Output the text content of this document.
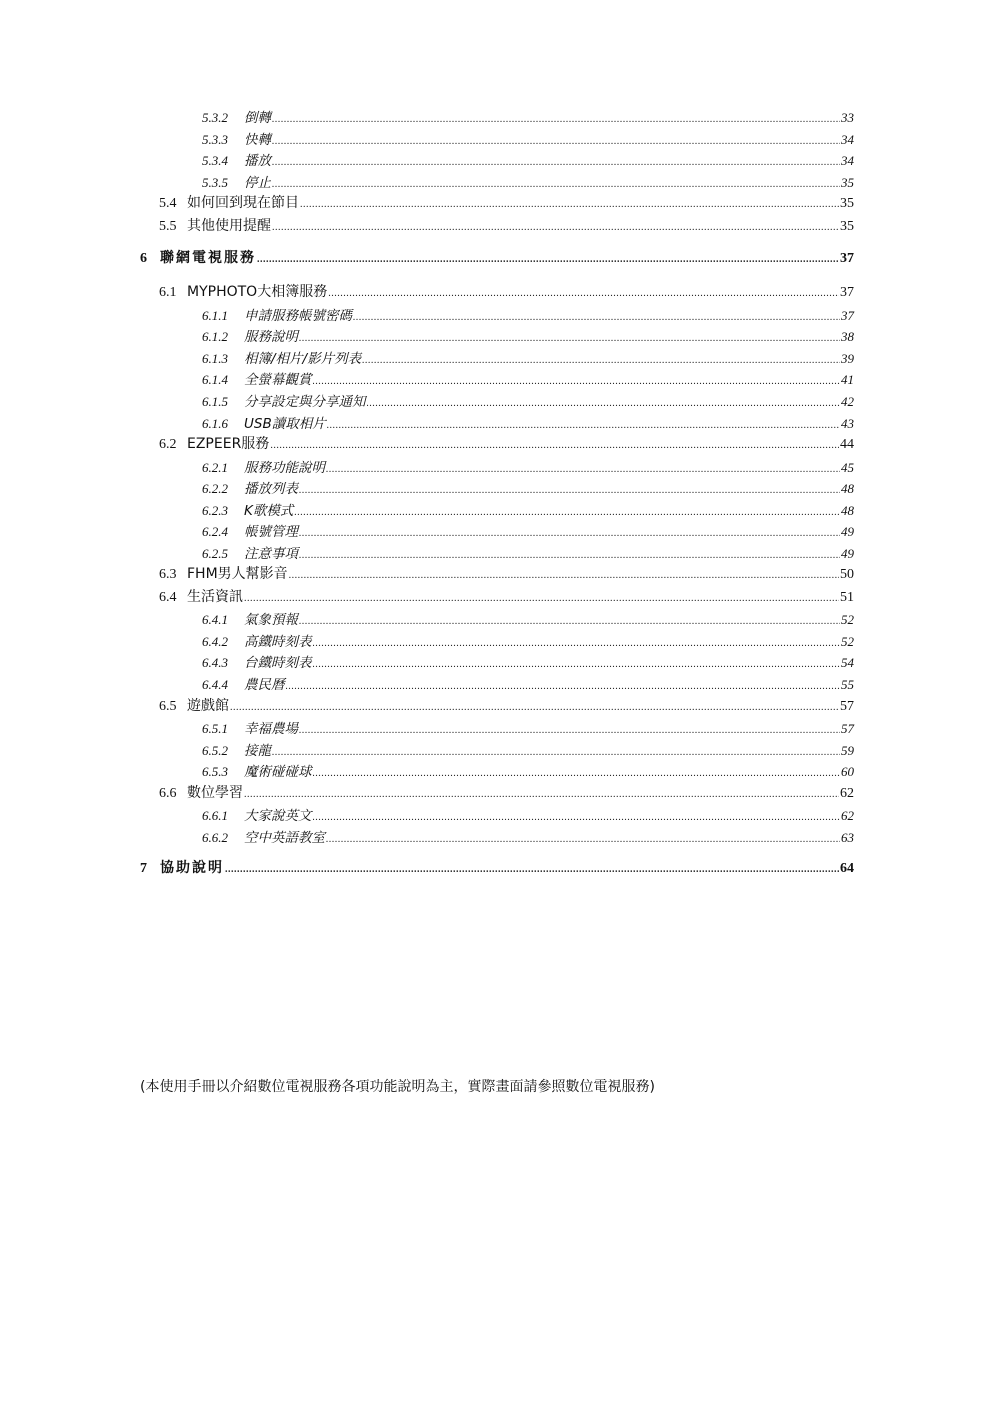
5.3.2	倒轉 .....	33
5.3.3	快轉 .....	34
5.3.4	播放 .....	34
5.3.5	停止 .....	35
5.4 如何回到現在節目 .....	35
5.5 其他使用提醒 .....	35
6 聯網電視服務 .....	37
6.1 MYPHOTO大相簿服務 .....	37
6.1.1	申請服務帳號密碼 .....	37
6.1.2	服務說明 .....	38
6.1.3	相簿/相片/影片列表 .....	39
6.1.4	全螢幕觀賞 .....	41
6.1.5	分享設定與分享通知 .....	42
6.1.6	USB讀取相片 .....	43
6.2 EZPEER服務 .....	44
6.2.1	服務功能說明 .....	45
6.2.2	播放列表 .....	48
6.2.3	K歌模式 .....	48
6.2.4	帳號管理 .....	49
6.2.5	注意事項 .....	49
6.3 FHM男人幫影音 .....	50
6.4 生活資訊 .....	51
6.4.1	氣象預報 .....	52
6.4.2	高鐵時刻表 .....	52
6.4.3	台鐵時刻表 .....	54
6.4.4	農民曆 .....	55
6.5 遊戲館 .....	57
6.5.1	幸福農場 .....	57
6.5.2	接龍 .....	59
6.5.3	魔術碰碰球 .....	60
6.6 數位學習 .....	62
6.6.1	大家說英文 .....	62
6.6.2	空中英語教室 .....	63
7 協助說明 .....	64
(本使用手冊以介紹數位電視服務各項功能說明為主，實際畫面請參照數位電視服務)
